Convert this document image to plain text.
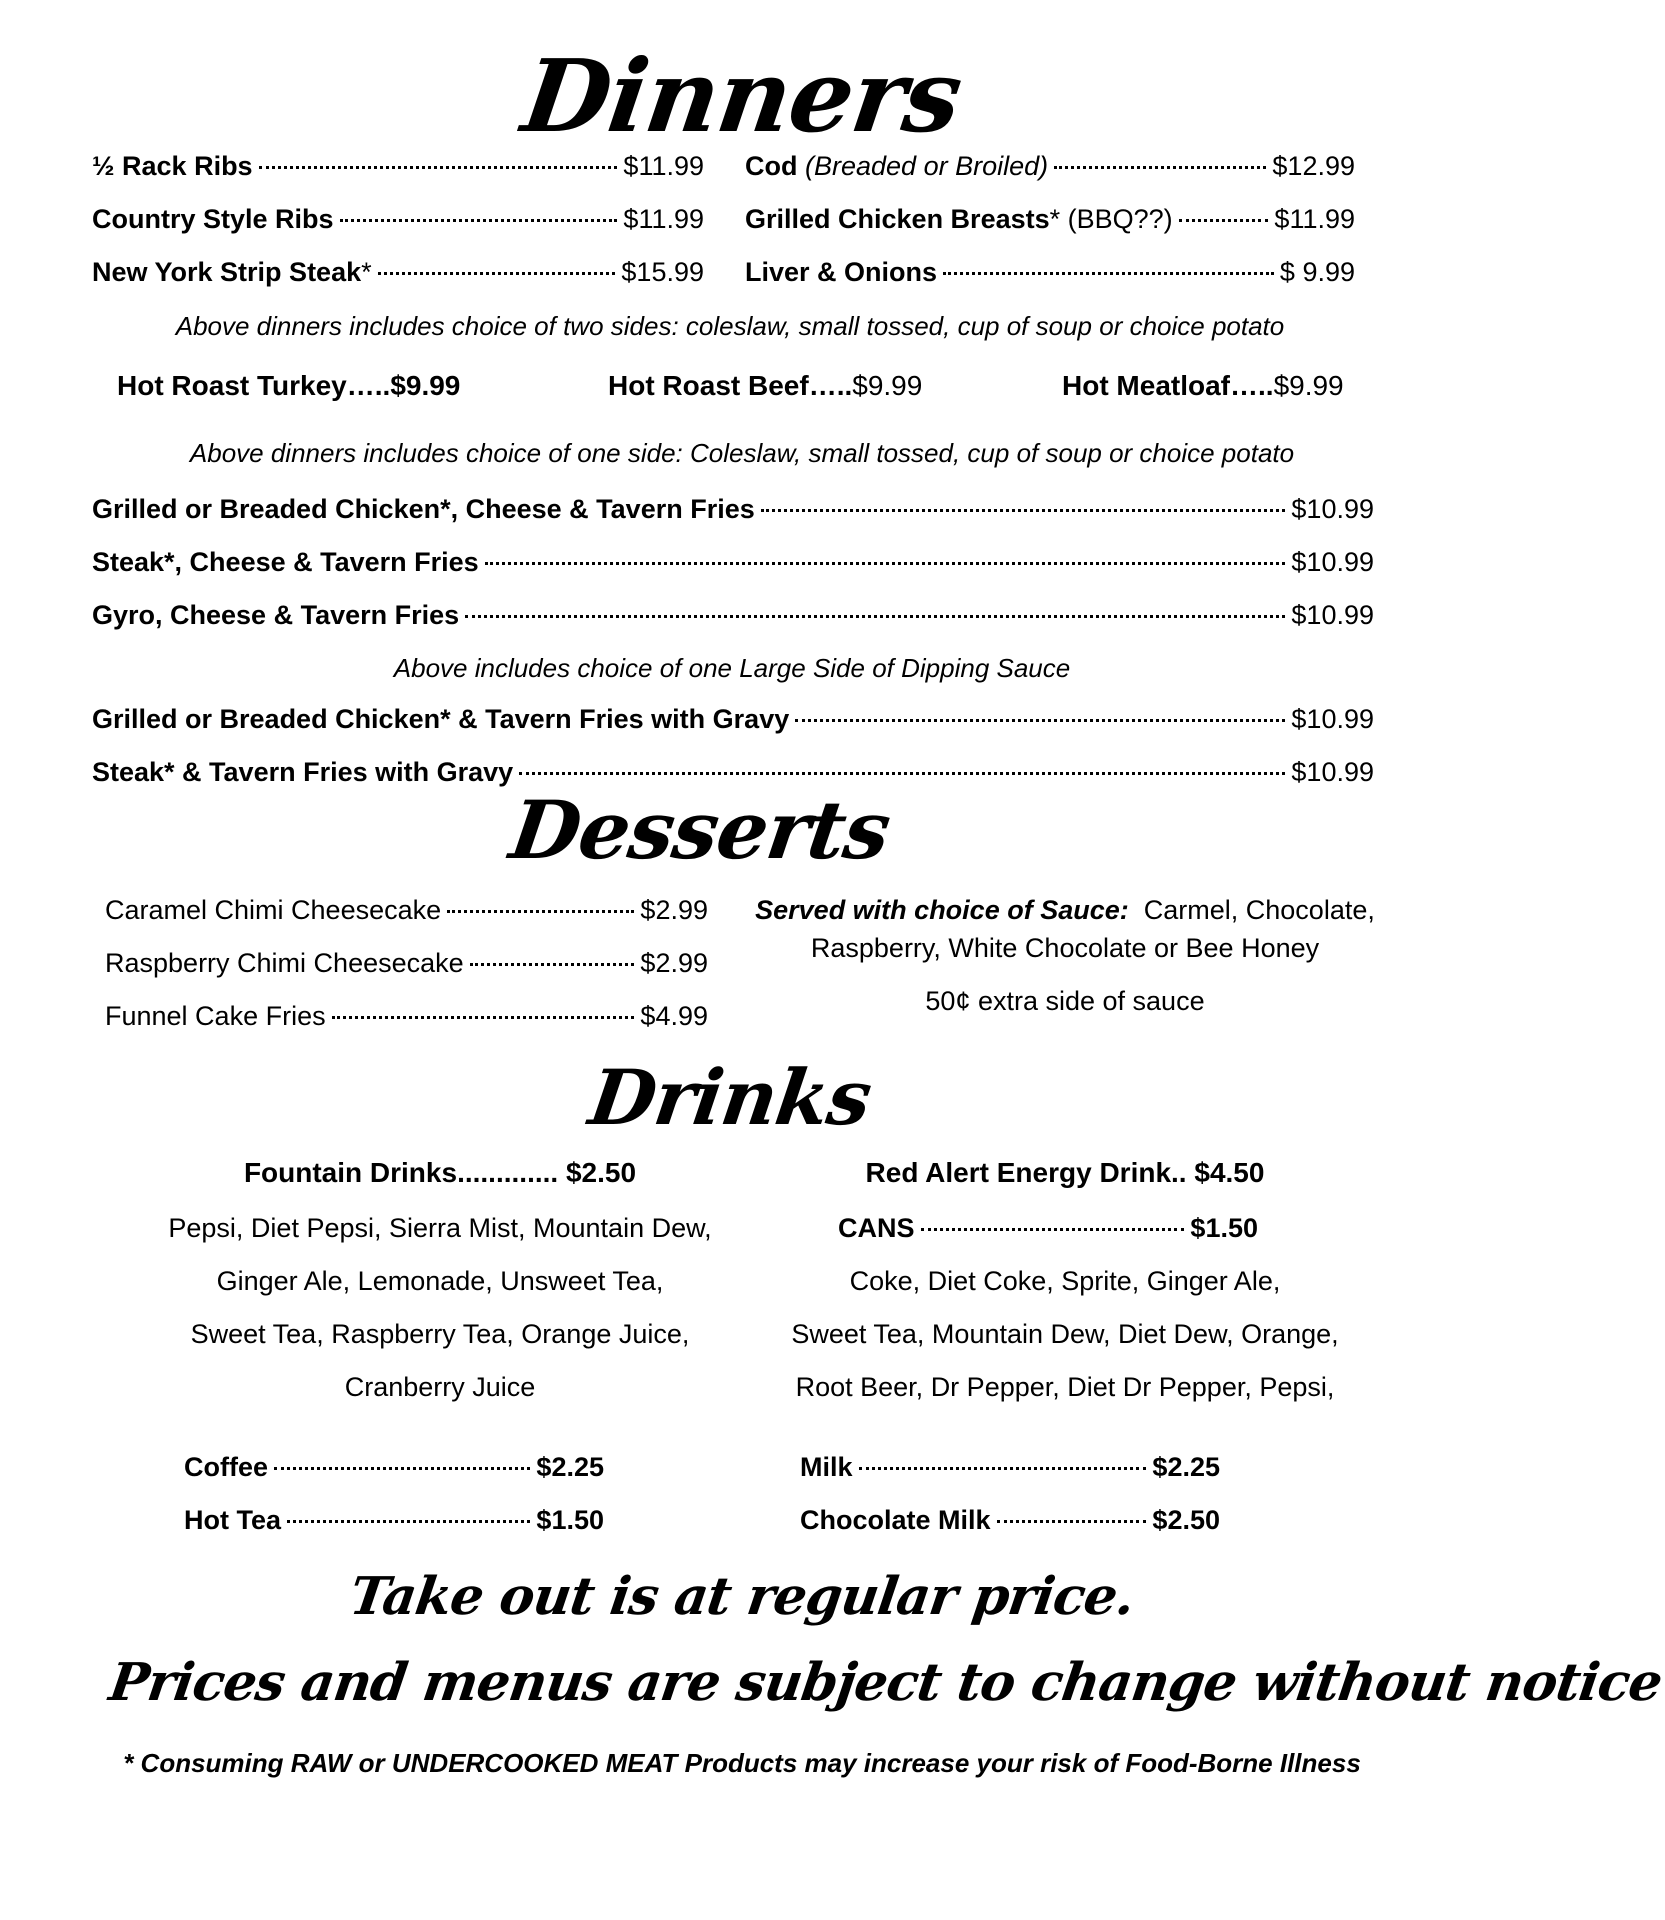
Dinners
½ Rack Ribs	$11.99
Country Style Ribs	$11.99
New York Strip Steak*	$15.99
Cod (Breaded or Broiled)	$12.99
Grilled Chicken Breasts* (BBQ??)	$11.99
Liver & Onions	$ 9.99
Above dinners includes choice of two sides: coleslaw, small tossed, cup of soup or choice potato
Hot Roast Turkey…..$9.99	Hot Roast Beef…..$9.99	Hot Meatloaf…..$9.99
Above dinners includes choice of one side: Coleslaw, small tossed, cup of soup or choice potato
Grilled or Breaded Chicken*, Cheese & Tavern Fries	$10.99
Steak*, Cheese & Tavern Fries	$10.99
Gyro, Cheese & Tavern Fries	$10.99
Above includes choice of one Large Side of Dipping Sauce
Grilled or Breaded Chicken* & Tavern Fries with Gravy	$10.99
Steak* & Tavern Fries with Gravy	$10.99
Desserts
Caramel Chimi Cheesecake	$2.99
Raspberry Chimi Cheesecake	$2.99
Funnel Cake Fries	$4.99
Served with choice of Sauce: Carmel, Chocolate,
Raspberry, White Chocolate or Bee Honey
50¢ extra side of sauce
Drinks
Fountain Drinks............. $2.50
Pepsi, Diet Pepsi, Sierra Mist, Mountain Dew,
Ginger Ale, Lemonade, Unsweet Tea,
Sweet Tea, Raspberry Tea, Orange Juice,
Cranberry Juice
Red Alert Energy Drink.. $4.50
CANS	$1.50
Coke, Diet Coke, Sprite, Ginger Ale,
Sweet Tea, Mountain Dew, Diet Dew, Orange,
Root Beer, Dr Pepper, Diet Dr Pepper, Pepsi,
Coffee	$2.25
Hot Tea	$1.50
Milk	$2.25
Chocolate Milk	$2.50
Take out is at regular price.
Prices and menus are subject to change without notice
* Consuming RAW or UNDERCOOKED MEAT Products may increase your risk of Food-Borne Illness
